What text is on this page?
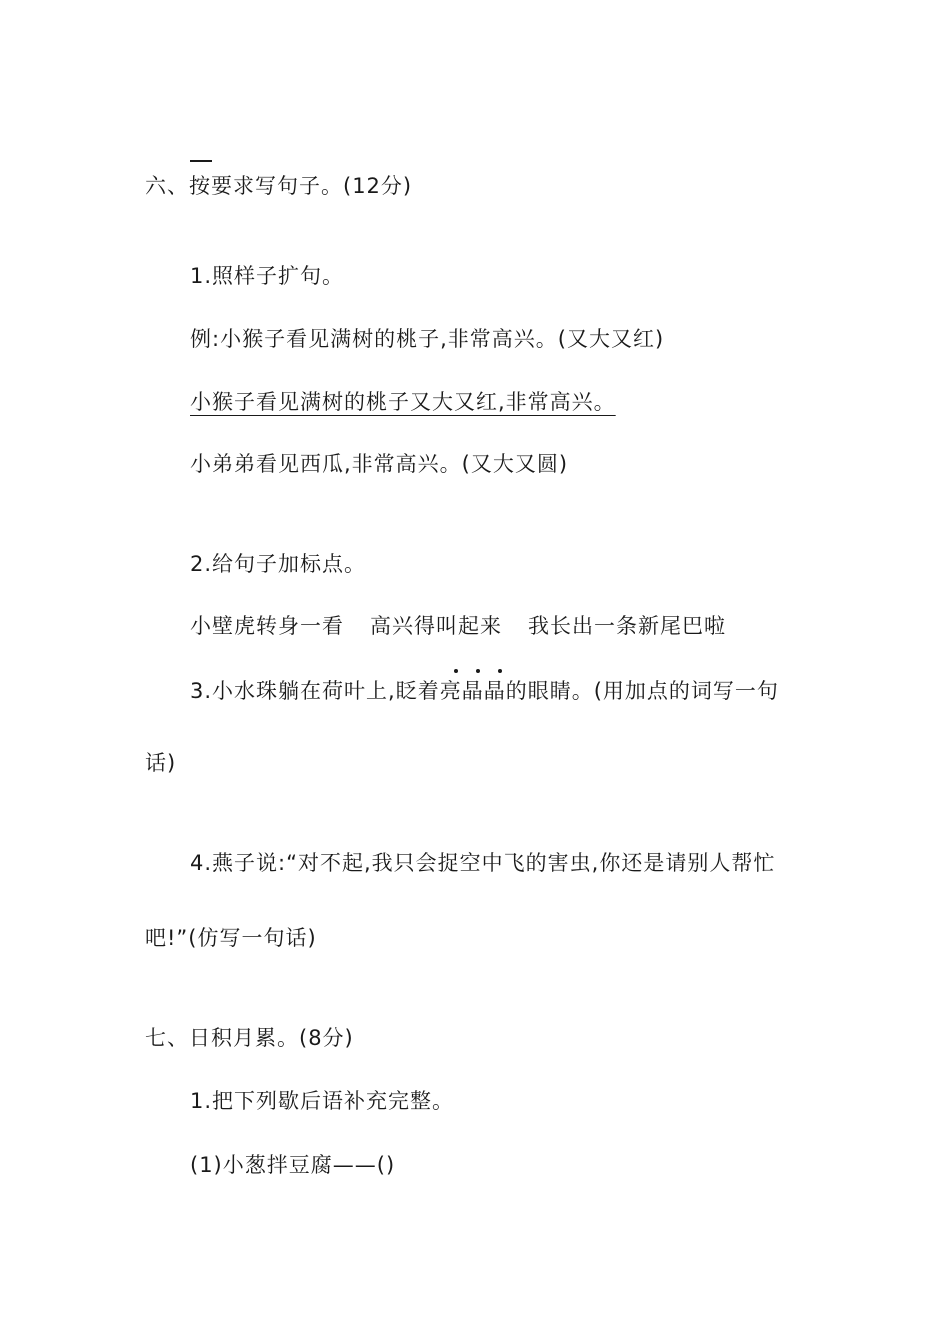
六、按要求写句子。(12分)
1.照样子扩句。
例:小猴子看见满树的桃子,非常高兴。(又大又红)
小猴子看见满树的桃子又大又红,非常高兴。
小弟弟看见西瓜,非常高兴。(又大又圆)
2.给句子加标点。
小壁虎转身一看 高兴得叫起来 我长出一条新尾巴啦
3.小水珠躺在荷叶上,眨着亮晶晶的眼睛。(用加点的词写一句
话)
4.燕子说:“对不起,我只会捉空中飞的害虫,你还是请别人帮忙
吧!”(仿写一句话)
七、日积月累。(8分)
1.把下列歇后语补充完整。
(1)小葱拌豆腐——()
